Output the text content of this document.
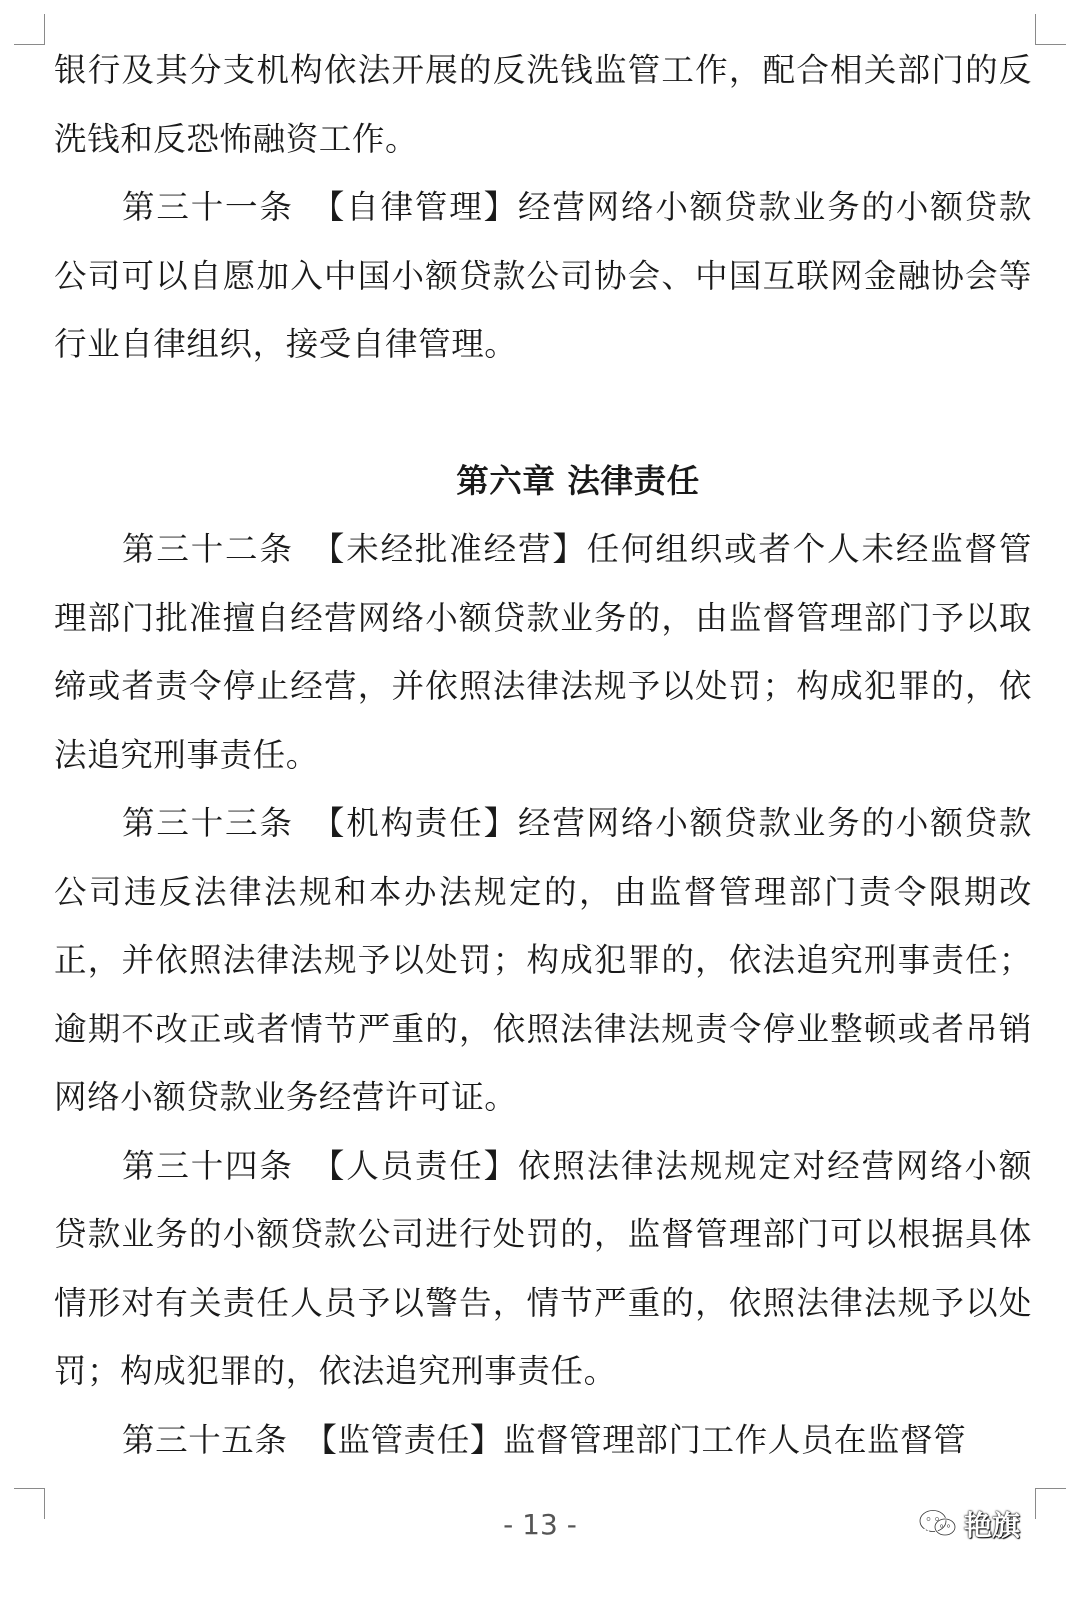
银行及其分支机构依法开展的反洗钱监管工作，配合相关部门的反洗钱和反恐怖融资工作。

第三十一条　【自律管理】经营网络小额贷款业务的小额贷款公司可以自愿加入中国小额贷款公司协会、中国互联网金融协会等行业自律组织，接受自律管理。

第六章 法律责任

第三十二条　【未经批准经营】任何组织或者个人未经监督管理部门批准擅自经营网络小额贷款业务的，由监督管理部门予以取缔或者责令停止经营，并依照法律法规予以处罚；构成犯罪的，依法追究刑事责任。

第三十三条　【机构责任】经营网络小额贷款业务的小额贷款公司违反法律法规和本办法规定的，由监督管理部门责令限期改正，并依照法律法规予以处罚；构成犯罪的，依法追究刑事责任；逾期不改正或者情节严重的，依照法律法规责令停业整顿或者吊销网络小额贷款业务经营许可证。

第三十四条　【人员责任】依照法律法规规定对经营网络小额贷款业务的小额贷款公司进行处罚的，监督管理部门可以根据具体情形对有关责任人员予以警告，情节严重的，依照法律法规予以处罚；构成犯罪的，依法追究刑事责任。

第三十五条　【监管责任】监督管理部门工作人员在监督管

- 13 -	艳旗
